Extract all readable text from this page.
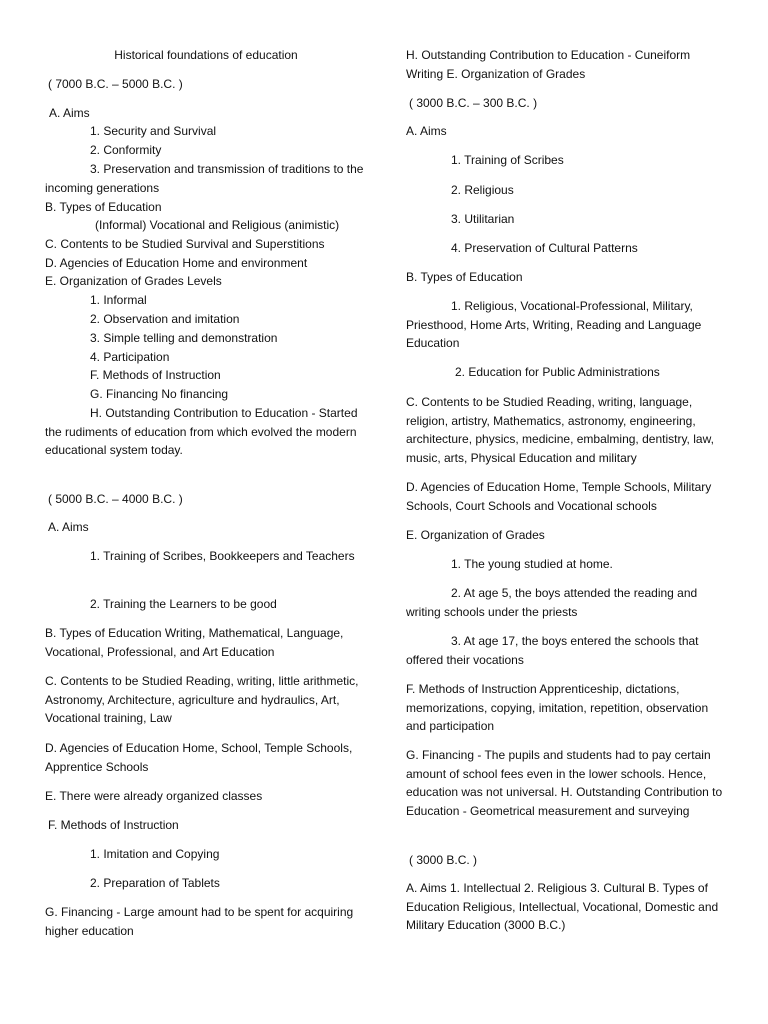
Historical foundations of education

( 7000 B.C. – 5000 B.C. )

A. Aims

1. Security and Survival

2. Conformity

3. Preservation and transmission of traditions to the incoming generations

B. Types of Education

(Informal) Vocational and Religious (animistic)

C. Contents to be Studied Survival and Superstitions

D. Agencies of Education Home and environment

E. Organization of Grades Levels

1. Informal

2. Observation and imitation

3. Simple telling and demonstration

4. Participation

F. Methods of Instruction

G. Financing No financing

H. Outstanding Contribution to Education - Started the rudiments of education from which evolved the modern educational system today.

( 5000 B.C. – 4000 B.C. )

A. Aims

1. Training of Scribes, Bookkeepers and Teachers

2. Training the Learners to be good

B. Types of Education Writing, Mathematical, Language, Vocational, Professional, and Art Education

C. Contents to be Studied Reading, writing, little arithmetic, Astronomy, Architecture, agriculture and hydraulics, Art, Vocational training, Law

D. Agencies of Education Home, School, Temple Schools, Apprentice Schools

E. There were already organized classes

F. Methods of Instruction

1. Imitation and Copying

2. Preparation of Tablets

G. Financing - Large amount had to be spent for acquiring higher education

H. Outstanding Contribution to Education - Cuneiform Writing E. Organization of Grades

( 3000 B.C. – 300 B.C. )

A. Aims

1. Training of Scribes

2. Religious

3. Utilitarian

4. Preservation of Cultural Patterns

B. Types of Education

1. Religious, Vocational-Professional, Military, Priesthood, Home Arts, Writing, Reading and Language Education

2. Education for Public Administrations

C. Contents to be Studied Reading, writing, language, religion, artistry, Mathematics, astronomy, engineering, architecture, physics, medicine, embalming, dentistry, law, music, arts, Physical Education and military

D. Agencies of Education Home, Temple Schools, Military Schools, Court Schools and Vocational schools

E. Organization of Grades

1. The young studied at home.

2. At age 5, the boys attended the reading and writing schools under the priests

3. At age 17, the boys entered the schools that offered their vocations

F. Methods of Instruction Apprenticeship, dictations, memorizations, copying, imitation, repetition, observation and participation

G. Financing - The pupils and students had to pay certain amount of school fees even in the lower schools. Hence, education was not universal. H. Outstanding Contribution to Education - Geometrical measurement and surveying

( 3000 B.C. )

A. Aims 1. Intellectual 2. Religious 3. Cultural B. Types of Education Religious, Intellectual, Vocational, Domestic and Military Education (3000 B.C.)
